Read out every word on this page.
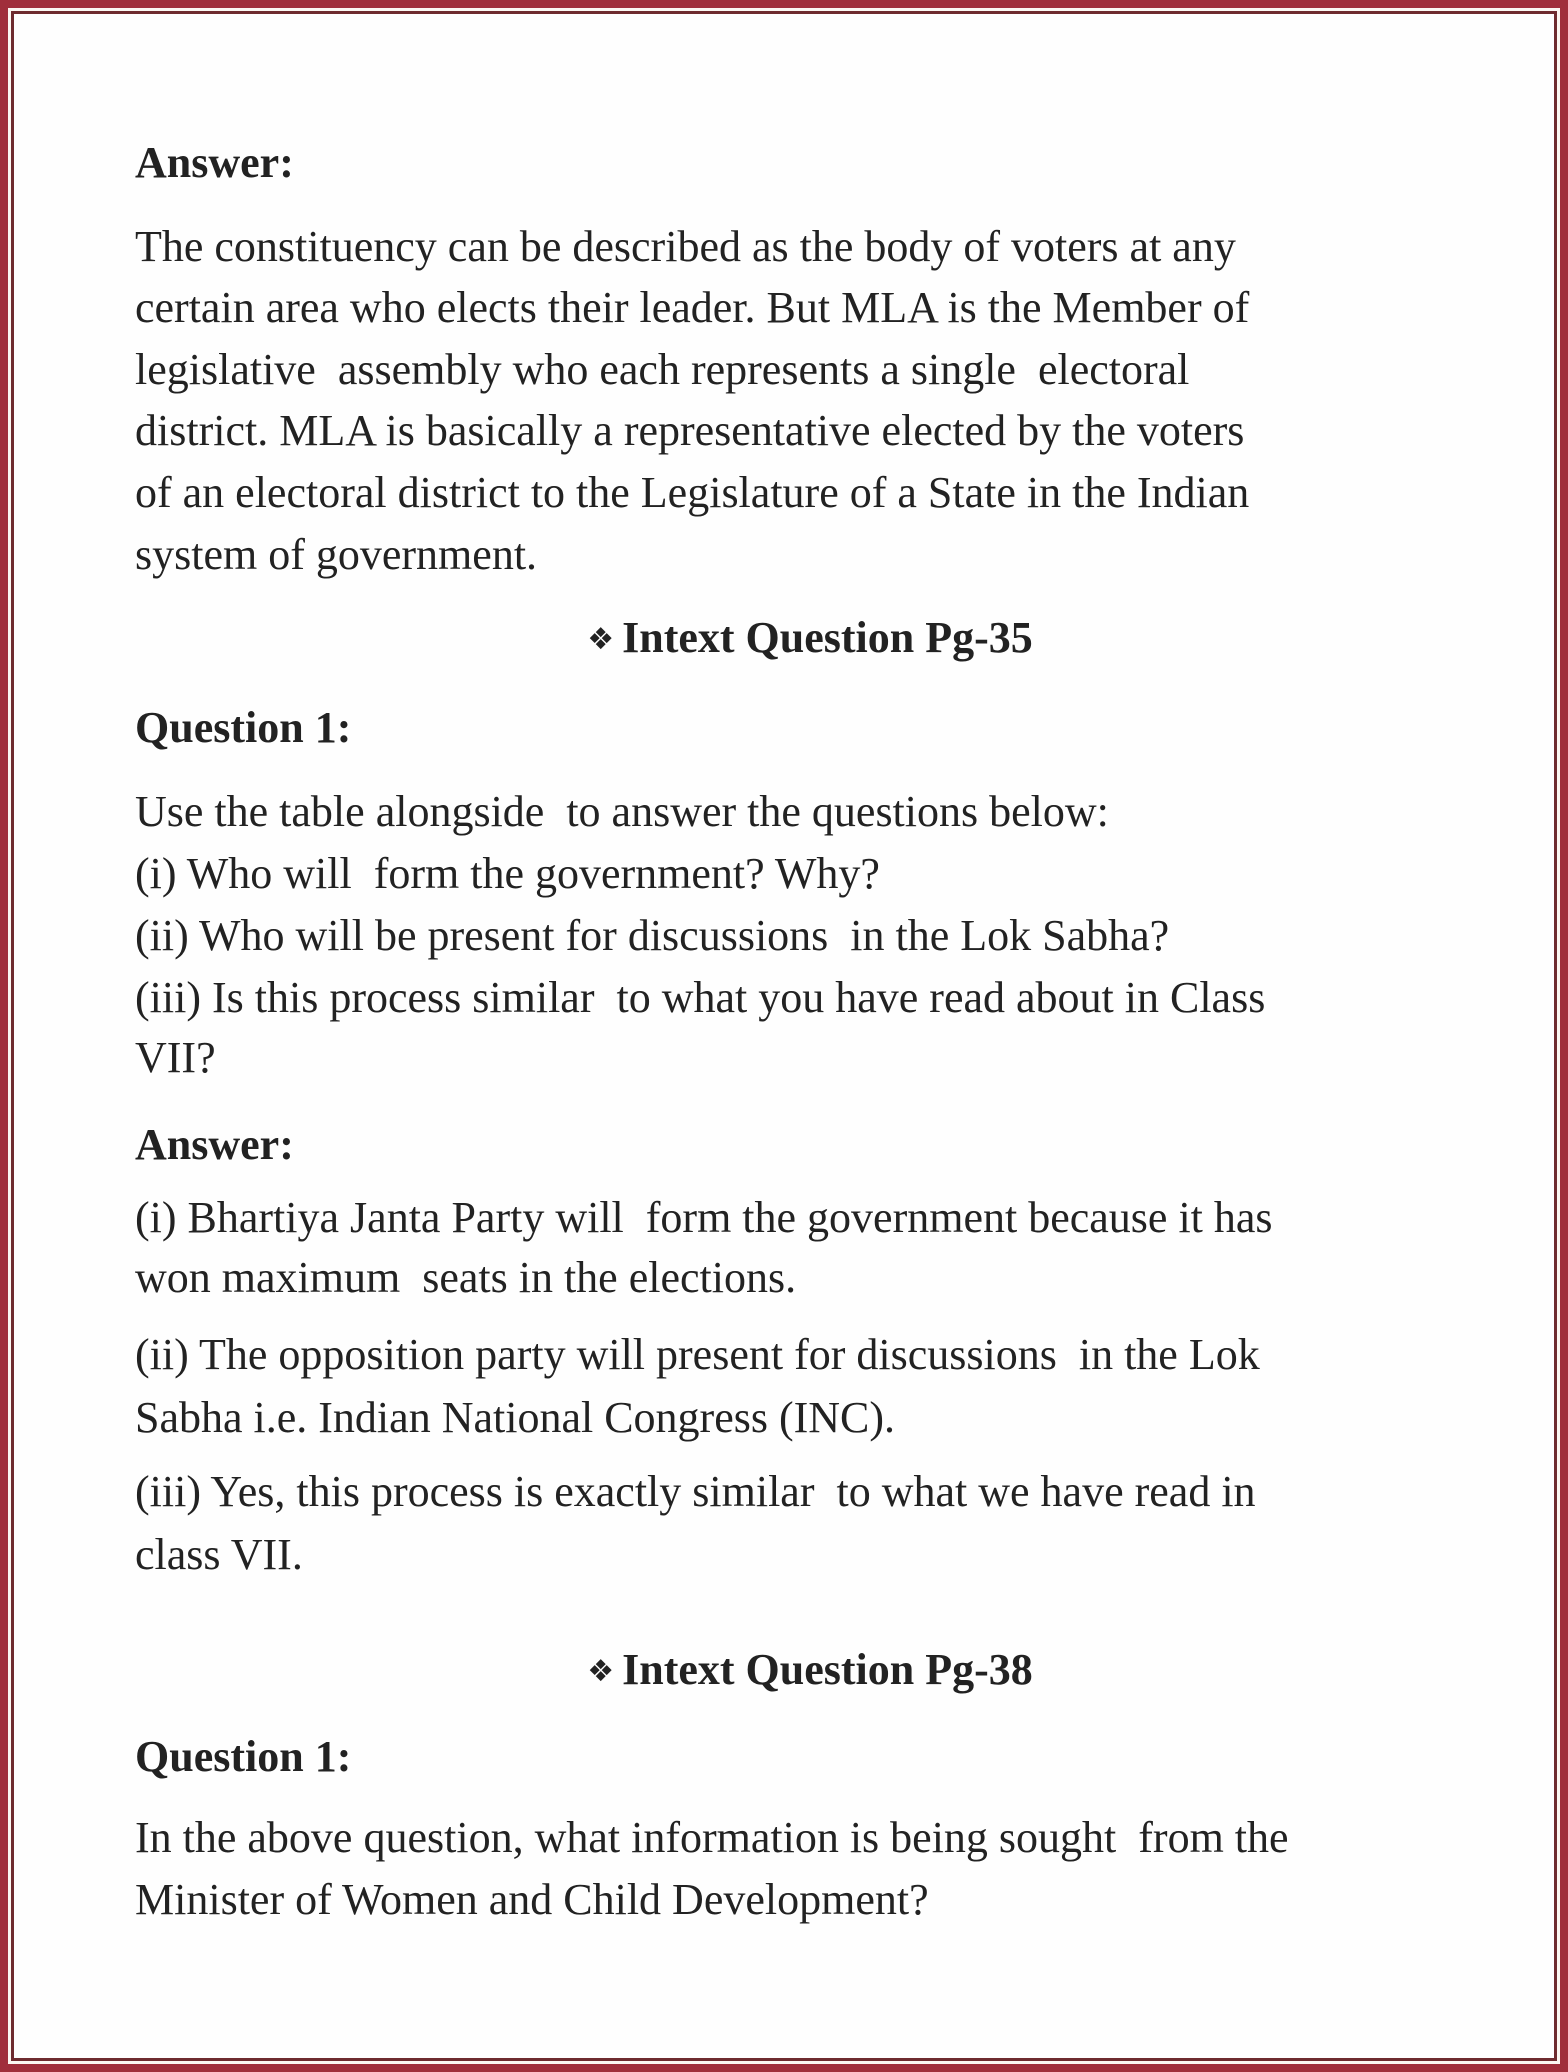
Answer:
The constituency can be described as the body of voters at any
certain area who elects their leader. But MLA is the Member of
legislative  assembly who each represents a single  electoral
district. MLA is basically a representative elected by the voters
of an electoral district to the Legislature of a State in the Indian
system of government.
❖ Intext Question Pg-35
Question 1:
Use the table alongside  to answer the questions below:
(i) Who will  form the government? Why?
(ii) Who will be present for discussions  in the Lok Sabha?
(iii) Is this process similar  to what you have read about in Class
VII?
Answer:
(i) Bhartiya Janta Party will  form the government because it has
won maximum  seats in the elections.
(ii) The opposition party will present for discussions  in the Lok
Sabha i.e. Indian National Congress (INC).
(iii) Yes, this process is exactly similar  to what we have read in
class VII.
❖ Intext Question Pg-38
Question 1:
In the above question, what information is being sought  from the
Minister of Women and Child Development?
